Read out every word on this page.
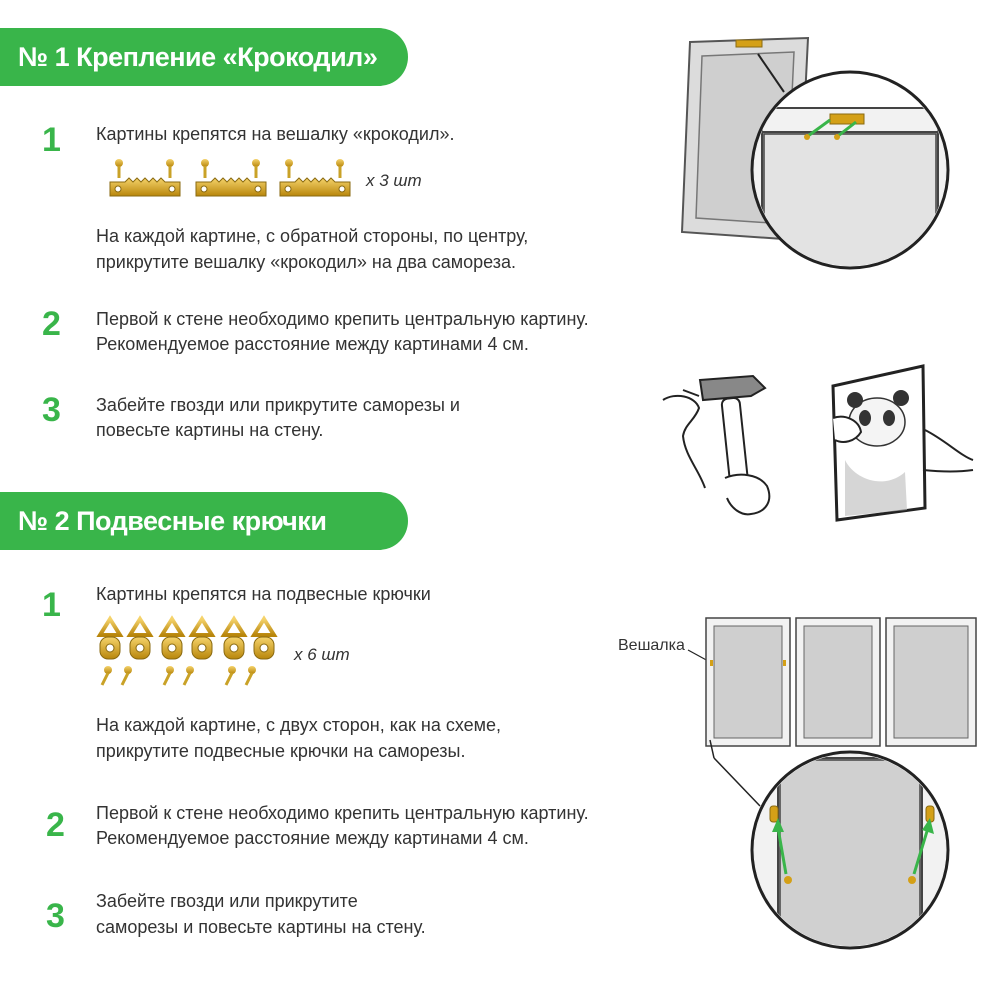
№ 1 Крепление «Крокодил»
1 Картины крепятся на вешалку «крокодил».
х 3 шт
На каждой картине, с обратной стороны, по центру,
прикрутите вешалку «крокодил» на два самореза.
2 Первой к стене необходимо крепить центральную картину.
Рекомендуемое расстояние между картинами 4 см.
3 Забейте гвозди или прикрутите саморезы и
повесьте картины на стену.
№ 2 Подвесные крючки
1 Картины крепятся на подвесные крючки
х 6 шт
На каждой картине, с двух сторон, как на схеме,
прикрутите подвесные крючки на саморезы.
2 Первой к стене необходимо крепить центральную картину.
Рекомендуемое расстояние между картинами 4 см.
3 Забейте гвозди или прикрутите
саморезы и повесьте картины на стену.
Вешалка
